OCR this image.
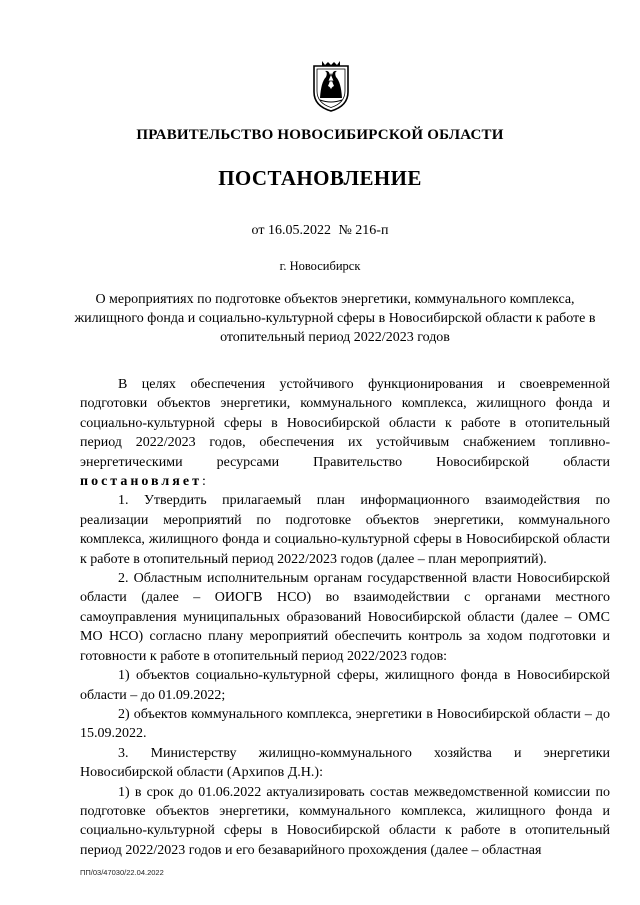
ПРАВИТЕЛЬСТВО НОВОСИБИРСКОЙ ОБЛАСТИ
ПОСТАНОВЛЕНИЕ
от 16.05.2022 № 216-п
г. Новосибирск
О мероприятиях по подготовке объектов энергетики, коммунального комплекса, жилищного фонда и социально-культурной сферы в Новосибирской области к работе в отопительный период 2022/2023 годов

В целях обеспечения устойчивого функционирования и своевременной подготовки объектов энергетики, коммунального комплекса, жилищного фонда и социально-культурной сферы в Новосибирской области к работе в отопительный период 2022/2023 годов, обеспечения их устойчивым снабжением топливно-энергетическими ресурсами Правительство Новосибирской области постановляет:

1. Утвердить прилагаемый план информационного взаимодействия по реализации мероприятий по подготовке объектов энергетики, коммунального комплекса, жилищного фонда и социально-культурной сферы в Новосибирской области к работе в отопительный период 2022/2023 годов (далее – план мероприятий).

2. Областным исполнительным органам государственной власти Новосибирской области (далее – ОИОГВ НСО) во взаимодействии с органами местного самоуправления муниципальных образований Новосибирской области (далее – ОМС МО НСО) согласно плану мероприятий обеспечить контроль за ходом подготовки и готовности к работе в отопительный период 2022/2023 годов:

1) объектов социально-культурной сферы, жилищного фонда в Новосибирской области – до 01.09.2022;

2) объектов коммунального комплекса, энергетики в Новосибирской области – до 15.09.2022.

3. Министерству жилищно-коммунального хозяйства и энергетики Новосибирской области (Архипов Д.Н.):

1) в срок до 01.06.2022 актуализировать состав межведомственной комиссии по подготовке объектов энергетики, коммунального комплекса, жилищного фонда и социально-культурной сферы в Новосибирской области к работе в отопительный период 2022/2023 годов и его безаварийного прохождения (далее – областная

ПП/03/47030/22.04.2022
